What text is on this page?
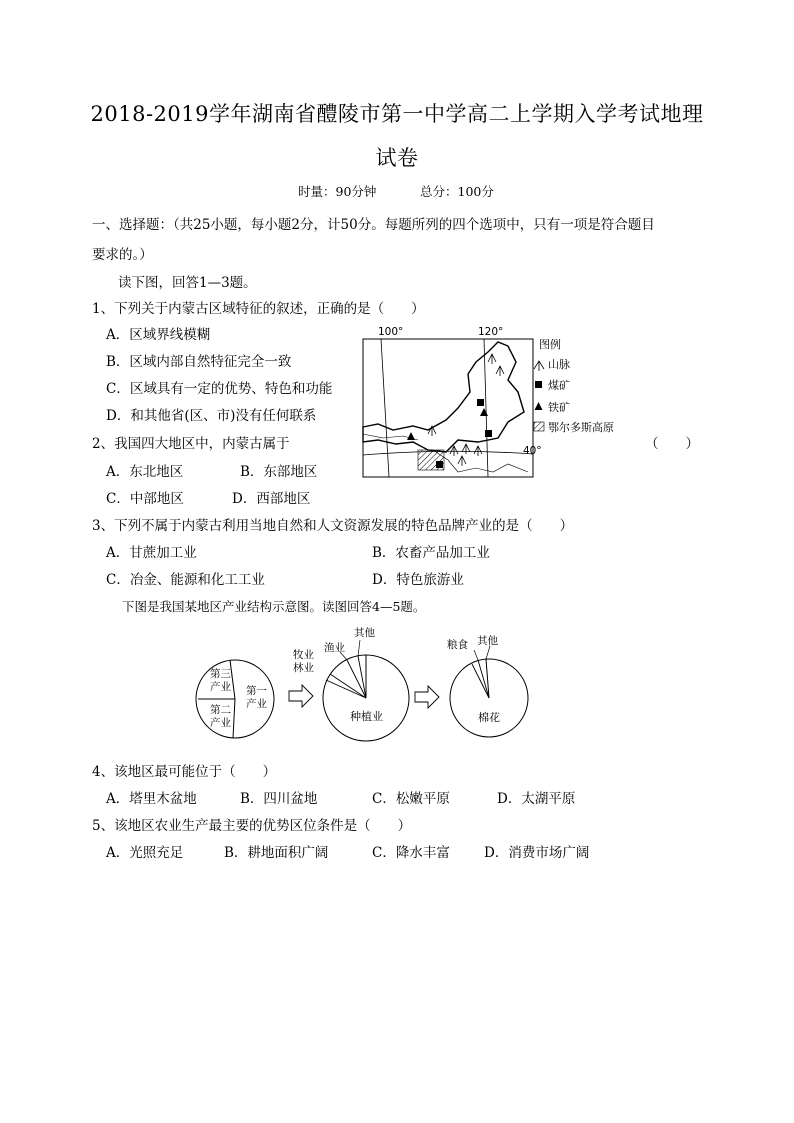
2018-2019学年湖南省醴陵市第一中学高二上学期入学考试地理
试卷
时量：90分钟	总分：100分
一、选择题：（共25小题，每小题2分，计50分。每题所列的四个选项中，只有一项是符合题目
要求的。）
读下图，回答1—3题。
1、下列关于内蒙古区域特征的叙述，正确的是（　　）
A．区域界线模糊
B．区域内部自然特征完全一致
C．区域具有一定的优势、特色和功能
D．和其他省(区、市)没有任何联系
2、我国四大地区中，内蒙古属于	（　　）
A．东北地区	B．东部地区
C．中部地区	D．西部地区
3、下列不属于内蒙古利用当地自然和人文资源发展的特色品牌产业的是（　　）
A．甘蔗加工业	B．农畜产品加工业
C．冶金、能源和化工工业	D．特色旅游业
下图是我国某地区产业结构示意图。读图回答4—5题。
100°	120°
40°
图例
山脉
煤矿
铁矿
鄂尔多斯高原
第三
产业
第二
产业
第一
产业
其他
渔业
牧业
林业
种植业
粮食 其他
棉花
4、该地区最可能位于（　　）
A．塔里木盆地	B．四川盆地	C．松嫩平原	D．太湖平原
5、该地区农业生产最主要的优势区位条件是（　　）
A．光照充足	B．耕地面积广阔	C．降水丰富	D．消费市场广阔
